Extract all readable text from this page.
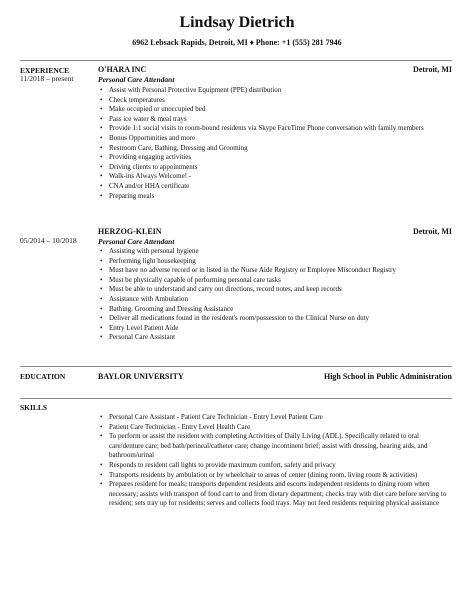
Lindsay Dietrich
6962 Lebsack Rapids, Detroit, MI ♦ Phone: +1 (555) 281 7946
EXPERIENCE
11/2018 – present
O'HARA INC	Detroit, MI
Personal Care Attendant
• Assist with Personal Protective Equipment (PPE) distribution
• Check temperatures
• Make occupied or unoccupied bed
• Pass ice water & meal trays
• Provide 1:1 social visits to room-bound residents via Skype FaceTime Phone conversation with family members
• Bonus Opportunities and more
• Restroom Care, Bathing, Dressing and Grooming
• Providing engaging activities
• Driving clients to appointments
• Walk-ins Always Welcome! -
• CNA and/or HHA certificate
• Preparing meals
05/2014 – 10/2018
HERZOG-KLEIN	Detroit, MI
Personal Care Attendant
• Assisting with personal hygiene
• Performing light housekeeping
• Must have no adverse record or in listed in the Nurse Aide Registry or Employee Misconduct Registry
• Must be physically capable of performing personal care tasks
• Must be able to understand and carry out directions, record notes, and keep records
• Assistance with Ambulation
• Bathing, Grooming and Dressing Assistance
• Deliver all medications found in the resident's room/possession to the Clinical Nurse on duty
• Entry Level Patient Aide
• Personal Care Assistant
EDUCATION	BAYLOR UNIVERSITY	High School in Public Administration
SKILLS
• Personal Care Assistant - Patient Care Technician - Entry Level Patient Care
• Patient Care Technician - Entry Level Health Care
• To perform or assist the resident with completing Activities of Daily Living (ADL). Specifically related to oral care/denture care; bed bath/perineal/catheter care; change incontinent brief; assist with dressing, hearing aids, and bathroom/urinal
• Responds to resident call lights to provide maximum comfort, safety and privacy
• Transports residents by ambulation or by wheelchair to areas of center (dining room, living room & activities)
• Prepares resident for meals; transports dependent residents and escorts independent residents to dining room when necessary; assists with transport of food cart to and from dietary department; checks tray with diet care before serving to resident; sets tray up for residents; serves and collects food trays. May not feed residents requiring physical assistance
